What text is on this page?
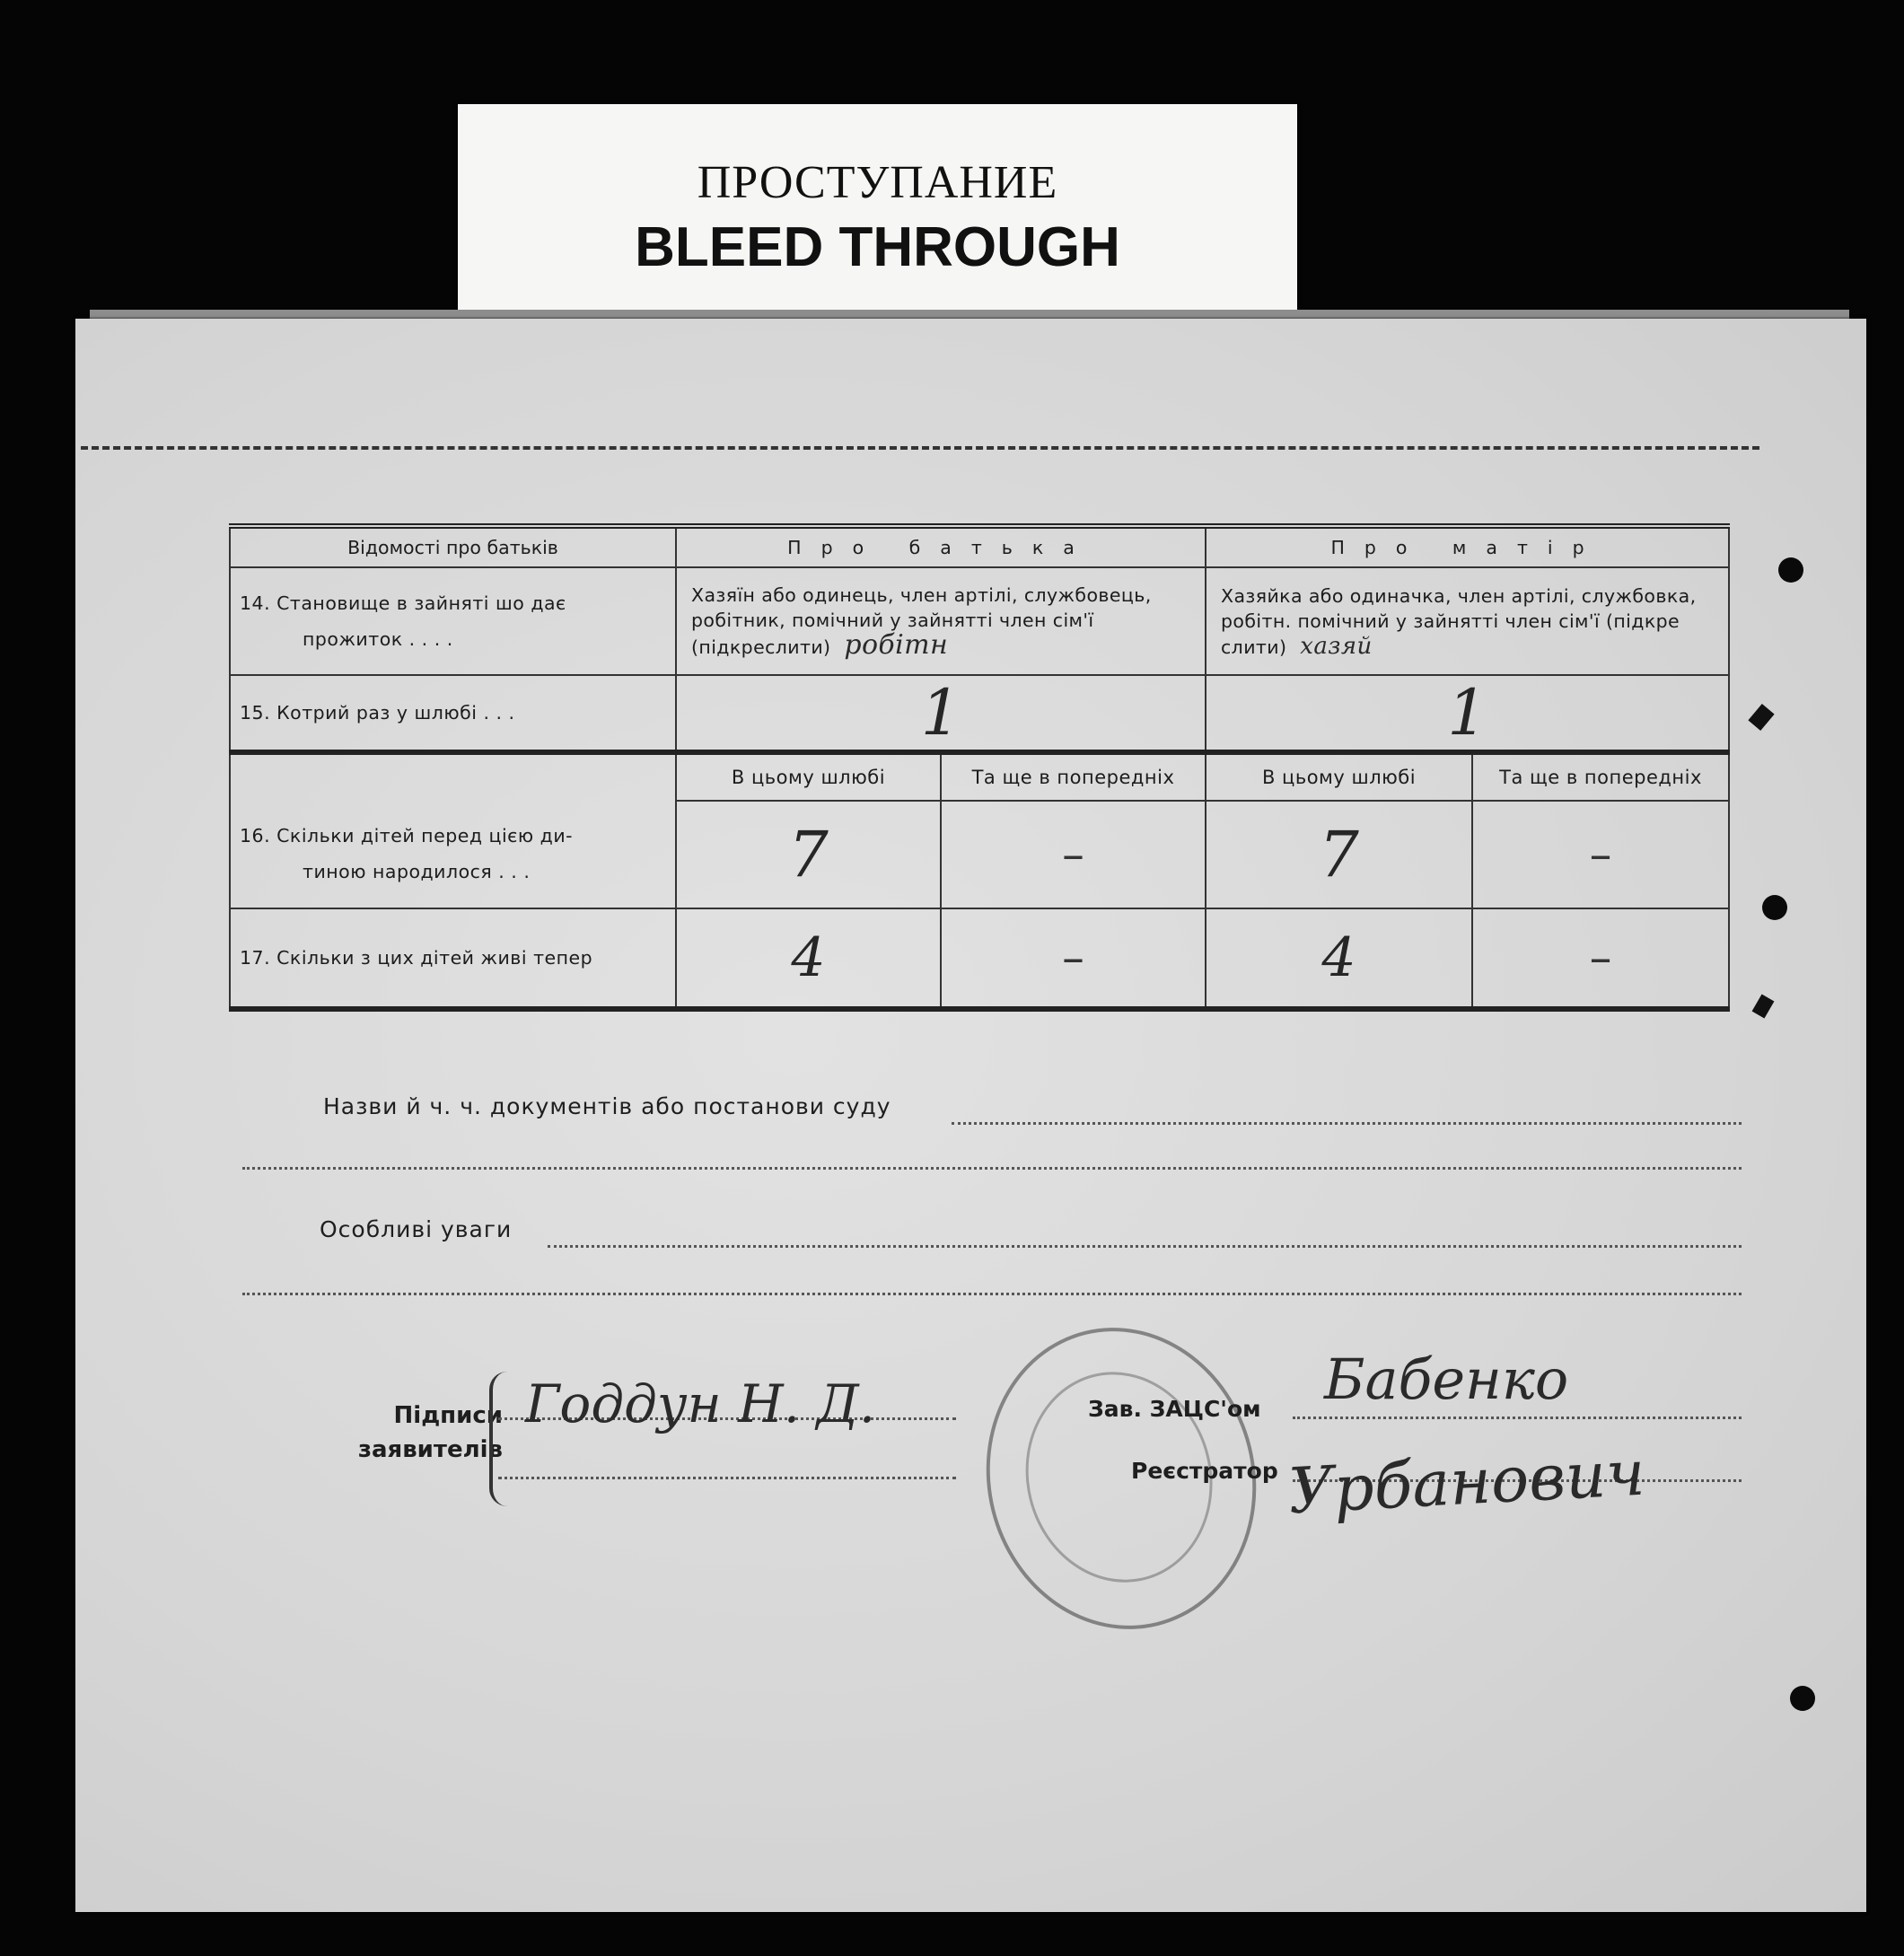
ПРОСТУПАНИЕ
BLEED THROUGH
Відомості про батьків	Про батька		Про матір	

14. Становище в зайняті шо дає
прожиток . . . .	Хазяїн або одинець, член артілі, службовець, робітник, помічний у зайнятті член сім'ї (підкреслити) робітн		Хазяйка або одиначка, член артілі, службовка, робітн. помічний у зайнятті член сім'ї (підкре слити) хазяй	
15. Котрий раз у шлюбі . . .	1		1	

16. Скільки дітей перед цією ди-
тиною народилося . . .	В цьому шлюбі	Та ще в попередніх	В цьому шлюбі	Та ще в попередніх
	7	–	7	–
17. Скільки з цих дітей живі тепер	4	–	4	–
Назви й ч. ч. документів або постанови суду
Особливі уваги
Підписи
заявителів
Годдун Н. Д.	Зав. ЗАЦС'ом Бабенко
Реєстратор Урбанович
